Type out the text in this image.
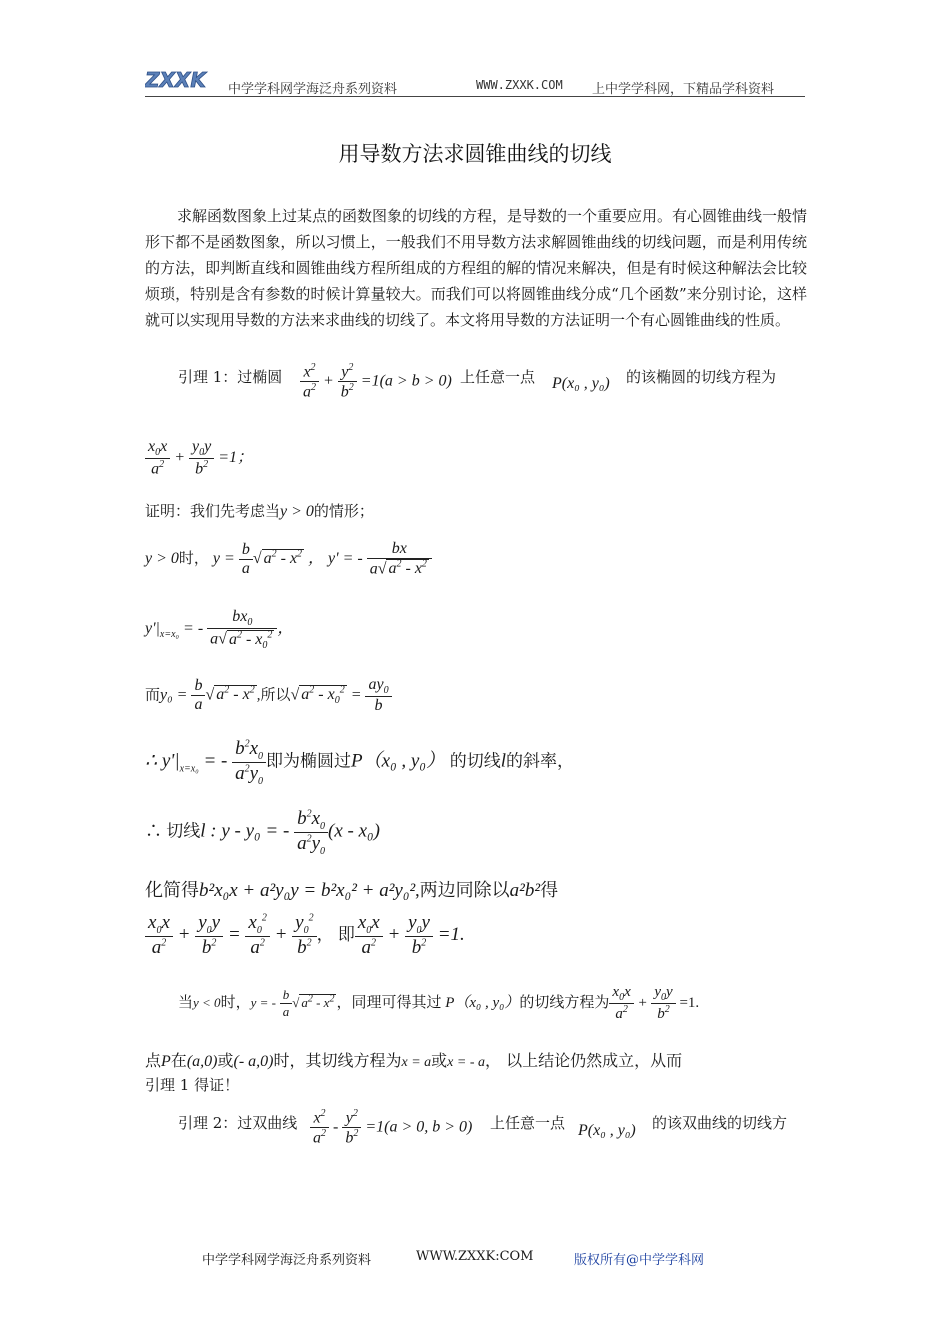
ZXXK 中学学科网学海泛舟系列资料	WWW.ZXXK.COM 上中学学科网，下精品学科资料
用导数方法求圆锥曲线的切线
求解函数图象上过某点的函数图象的切线的方程，是导数的一个重要应用。有心圆锥曲线一般情形下都不是函数图象，所以习惯上，一般我们不用导数方法求解圆锥曲线的切线问题，而是利用传统的方法，即判断直线和圆锥曲线方程所组成的方程组的解的情况来解决，但是有时候这种解法会比较烦琐，特别是含有参数的时候计算量较大。而我们可以将圆锥曲线分成“几个函数”来分别讨论，这样就可以实现用导数的方法来求曲线的切线了。本文将用导数的方法证明一个有心圆锥曲线的性质。
引理 1：过椭圆 $\frac{x^2}{a^2} + \frac{y^2}{b^2} =1(a > b > 0)$ 上任意一点 P(x₀ , y₀) 的该椭圆的切线方程为
$\frac{x_0x}{a^2} + \frac{y_0y}{b^2} =1$；
证明：我们先考虑当y > 0的情形；
y > 0时， $y = \frac{b}{a}$ √ $a^2 - x^2$ ， y' = - $\frac{bx}{a√ a^2 - x^2}$
$y'|_{x=x_0}$ = - $\frac{bx_0}{a√ a^2 - x_0^2}$ ，
而$y_0 = \frac{b}{a}$ √ $a^2 - x^2$ ,所以√ $a^2 - x_0^2 = \frac{ay_0}{b}$
∴ $y'|_{x=x_0}$ = - $\frac{b^2x_0}{a^2y_0}$ 即为椭圆过P（x₀ , y₀） 的切线l的斜率，
∴ 切线l : y - y₀ = - $\frac{b^2x_0}{a^2y_0} (x - x_0)$
化简得b²x₀x + a²y₀y = b²x₀² + a²y₀²,两边同除以a²b²得
$\frac{x_0x}{a^2} + \frac{y_0y}{b^2} = \frac{x_0^2}{a^2} + \frac{y_0^2}{b^2}$ ， 即 $\frac{x_0x}{a^2} + \frac{y_0y}{b^2} =1$.
当y < 0时，y = - $\frac{b}{a}$ √ $a^2 - x^2$ ，同理可得其过 P（x₀ , y₀）的切线方程为 $\frac{x_0x}{a^2} + \frac{y_0y}{b^2} =1$.
点P在(a,0)或(- a,0)时，其切线方程为x = a或x = - a， 以上结论仍然成立，从而
引理 1 得证！
引理 2：过双曲线 $\frac{x^2}{a^2} - \frac{y^2}{b^2} =1(a > 0$, b > 0) 上任意一点 P(x₀ , y₀) 的该双曲线的切线方
中学学科网学海泛舟系列资料	WWW.ZXXK:COM	版权所有@中学学科网
